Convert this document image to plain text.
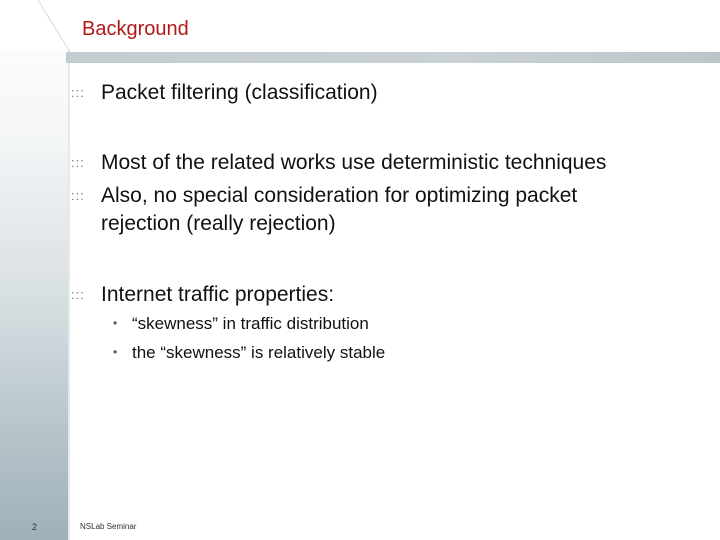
Background
::: Packet filtering (classification)
::: Most of the related works use deterministic techniques
::: Also, no special consideration for optimizing packet
rejection (really rejection)
::: Internet traffic properties:
• “skewness” in traffic distribution
• the “skewness” is relatively stable
2	NSLab Seminar
